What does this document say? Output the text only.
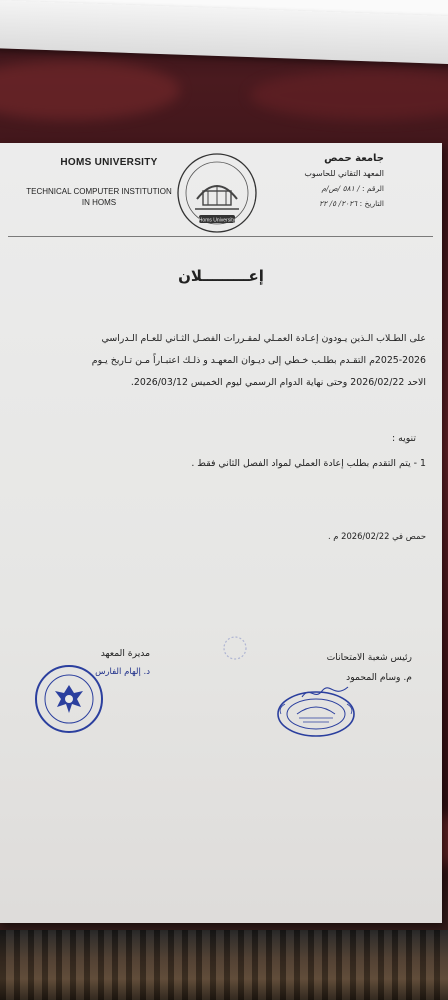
HOMS UNIVERSITY
TECHNICAL COMPUTER INSTITUTION
IN HOMS
Homs University
جامعة حمص
المعهد التقاني للحاسوب
الرقم : / ٥٨١ /ص/م
التاريخ : ٢٠٢٦/ ٥/ ٢٢
إعـــــــــلان

على الطـلاب الـذين يـودون إعـادة العمـلي لمقـررات الفصـل الثـاني للعـام الـدراسي

2025-2026م التقـدم بطلـب خـطي إلى ديـوان المعهـد و ذلـك اعتبـاراً مـن تـاريخ يـوم

الاحد 2026/02/22 وحتى نهاية الدوام الرسمي ليوم الخميس 2026/03/12.

تنويه :
1 - يتم التقدم بطلب إعادة العملي لمواد الفصل الثاني فقط .
حمص في 2026/02/22 م .
رئيس شعبة الامتحانات
م. وسام المحمود
مديرة المعهد
د. إلهام الفارس
